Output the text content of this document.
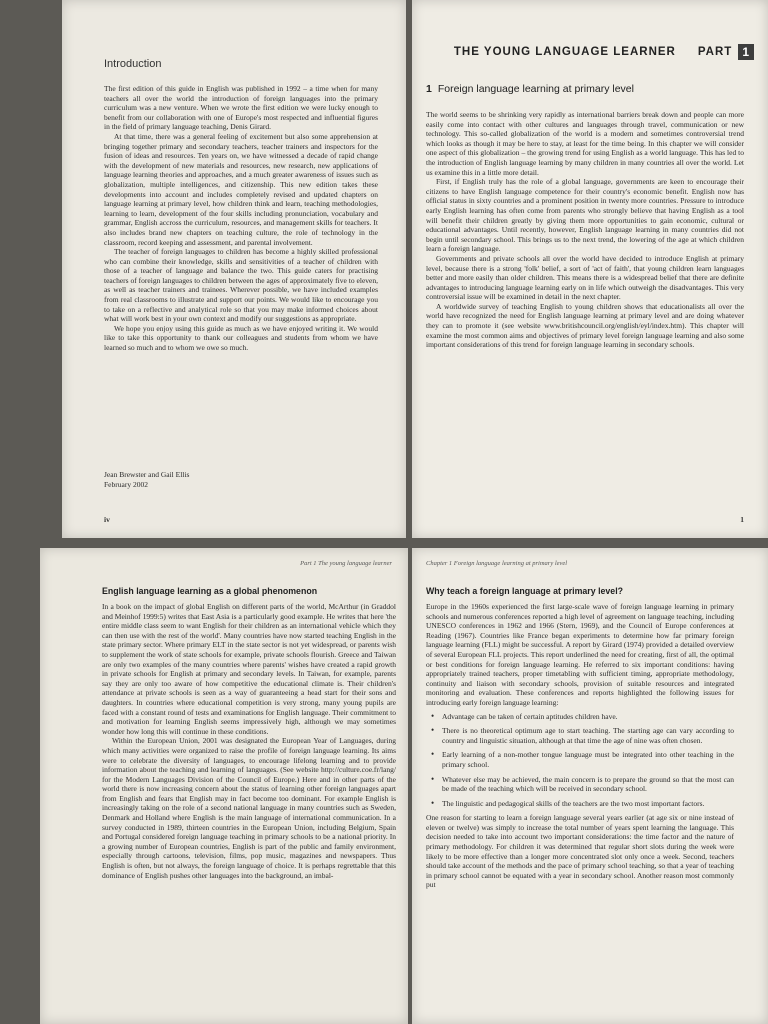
Introduction

The first edition of this guide in English was published in 1992 – a time when for many teachers all over the world the introduction of foreign languages into the primary curriculum was a new venture. When we wrote the first edition we were lucky enough to benefit from our collaboration with one of Europe's most respected and influential figures in the field of primary language teaching, Denis Girard.

At that time, there was a general feeling of excitement but also some apprehension at bringing together primary and secondary teachers, teacher trainers and inspectors for the fusion of ideas and resources. Ten years on, we have witnessed a decade of rapid change with the development of new materials and resources, new research, new applications of language learning theories and approaches, and a much greater awareness of issues such as globalization, multiple intelligences, and citizenship. This new edition takes these developments into account and includes completely revised and updated chapters on language learning at primary level, how children think and learn, teaching methodologies, learning to learn, development of the four skills including pronunciation, vocabulary and grammar, English accross the curriculum, resources, and management skills for teachers. It also includes brand new chapters on teaching culture, the role of technology in the classroom, record keeping and assessment, and parental involvement.

The teacher of foreign languages to children has become a highly skilled professional who can combine their knowledge, skills and sensitivities of a teacher of children with those of a teacher of language and balance the two. This guide caters for practising teachers of foreign languages to children between the ages of approximately five to eleven, as well as teacher trainers and trainees. Wherever possible, we have included examples from real classrooms to illustrate and support our points. We would like to encourage you to take on a reflective and analytical role so that you may make informed choices about what will work best in your own context and modify our suggestions as appropriate.

We hope you enjoy using this guide as much as we have enjoyed writing it. We would like to take this opportunity to thank our colleagues and students from whom we have learned so much and to whom we owe so much.

Jean Brewster and Gail Ellis
February 2002
iv
THE YOUNG LANGUAGE LEARNER PART 1
1 Foreign language learning at primary level

The world seems to be shrinking very rapidly as international barriers break down and people can more easily come into contact with other cultures and languages through travel, communication or new technology. This so-called globalization of the world is a modern and sometimes controversial trend which looks as though it may be here to stay, at least for the time being. In this chapter we will consider one aspect of this globalization – the growing trend for using English as a world language. This has led to the introduction of English language learning by many children in many countries all over the world. Let us examine this in a little more detail.

First, if English truly has the role of a global language, governments are keen to encourage their citizens to have English language competence for their country's economic benefit. English now has official status in sixty countries and a prominent position in twenty more countries. Pressure to introduce early English learning has often come from parents who strongly believe that having English as a tool will benefit their children greatly by giving them more opportunities to gain economic, cultural or educational advantages. Until recently, however, English language learning in many countries did not begin until secondary school. This brings us to the next trend, the lowering of the age at which children learn a foreign language.

Governments and private schools all over the world have decided to introduce English at primary level, because there is a strong 'folk' belief, a sort of 'act of faith', that young children learn languages better and more easily than older children. This means there is a widespread belief that there are definite advantages to introducing language learning early on in life which outweigh the disadvantages. This very controversial issue will be examined in detail in the next chapter.

A worldwide survey of teaching English to young children shows that educationalists all over the world have recognized the need for English language learning at primary level and are doing whatever they can to promote it (see website www.britishcouncil.org/english/eyl/index.htm). This chapter will examine the most common aims and objectives of primary level foreign language learning and also some important considerations of this trend for foreign language learning in secondary schools.

1
Part 1 The young language learner
English language learning as a global phenomenon

In a book on the impact of global English on different parts of the world, McArthur (in Graddol and Meinhof 1999:5) writes that East Asia is a particularly good example. He writes that here 'the entire middle class seem to want English for their children as an international vehicle which they can then use with the rest of the world'. Many countries have now started teaching English in the state primary sector. Where primary ELT in the state sector is not yet widespread, or parents wish to supplement the work of state schools for example, private schools flourish. Greece and Taiwan are only two examples of the many countries where parents' wishes have created a rapid growth in private schools for English at primary and secondary levels. In Taiwan, for example, parents say they are only too aware of how competitive the educational climate is. Their children's attendance at private schools is seen as a way of guaranteeing a head start for their sons and daughters. In countries where educational competition is very strong, many young pupils are faced with a constant round of tests and examinations for English language. Their commitment to and motivation for learning English seems impressively high, although we may sometimes wonder how long this will continue in these conditions.

Within the European Union, 2001 was designated the European Year of Languages, during which many activities were organized to raise the profile of foreign language learning. Its aims were to celebrate the diversity of languages, to encourage lifelong learning and to provide information about the teaching and learning of languages. (See website http://culture.coe.fr/lang/ for the Modern Languages Division of the Council of Europe.) Here and in other parts of the world there is now increasing concern about the status of learning other foreign languages apart from English and fears that English may in fact become too dominant. For example English is increasingly taking on the role of a second national language in many countries such as Sweden, Denmark and Holland where English is the main language of international communication. In a survey conducted in 1989, thirteen countries in the European Union, including Belgium, Spain and Portugal considered foreign language teaching in primary schools to be a national priority. In a growing number of European countries, English is part of the public and family environment, especially through cartoons, television, films, pop music, magazines and newspapers. Thus English is often, but not always, the foreign language of choice. It is perhaps regrettable that this dominance of English pushes other languages into the background, an imbal-

Chapter 1 Foreign language learning at primary level
Why teach a foreign language at primary level?

Europe in the 1960s experienced the first large-scale wave of foreign language learning in primary schools and numerous conferences reported a high level of agreement on language teaching, including UNESCO conferences in 1962 and 1966 (Stern, 1969), and the Council of Europe conferences at Reading (1967). Countries like France began experiments to determine how far primary foreign language learning (FLL) might be successful. A report by Girard (1974) provided a detailed overview of several European FLL projects. This report underlined the need for creating, first of all, the optimal or best conditions for foreign language learning. He referred to six important conditions: having appropriately trained teachers, proper timetabling with sufficient timing, appropriate methodology, continuity and liaison with secondary schools, provision of suitable resources and integrated monitoring and evaluation. These conferences and reports highlighted the following issues for introducing early foreign language learning:

• Advantage can be taken of certain aptitudes children have.
• There is no theoretical optimum age to start teaching. The starting age can vary according to country and linguistic situation, although at that time the age of nine was often chosen.
• Early learning of a non-mother tongue language must be integrated into other teaching in the primary school.
• Whatever else may be achieved, the main concern is to prepare the ground so that the most can be made of the teaching which will be received in secondary school.
• The linguistic and pedagogical skills of the teachers are the two most important factors.

One reason for starting to learn a foreign language several years earlier (at age six or nine instead of eleven or twelve) was simply to increase the total number of years spent learning the language. This decision needed to take into account two important considerations: the time factor and the nature of primary methodology. For children it was determined that regular short slots during the week were likely to be more effective than a longer more concentrated slot only once a week. Second, teachers should take account of the methods and the pace of primary school teaching, so that a year of teaching in primary school cannot be equated with a year in secondary school. Another reason most commonly put
